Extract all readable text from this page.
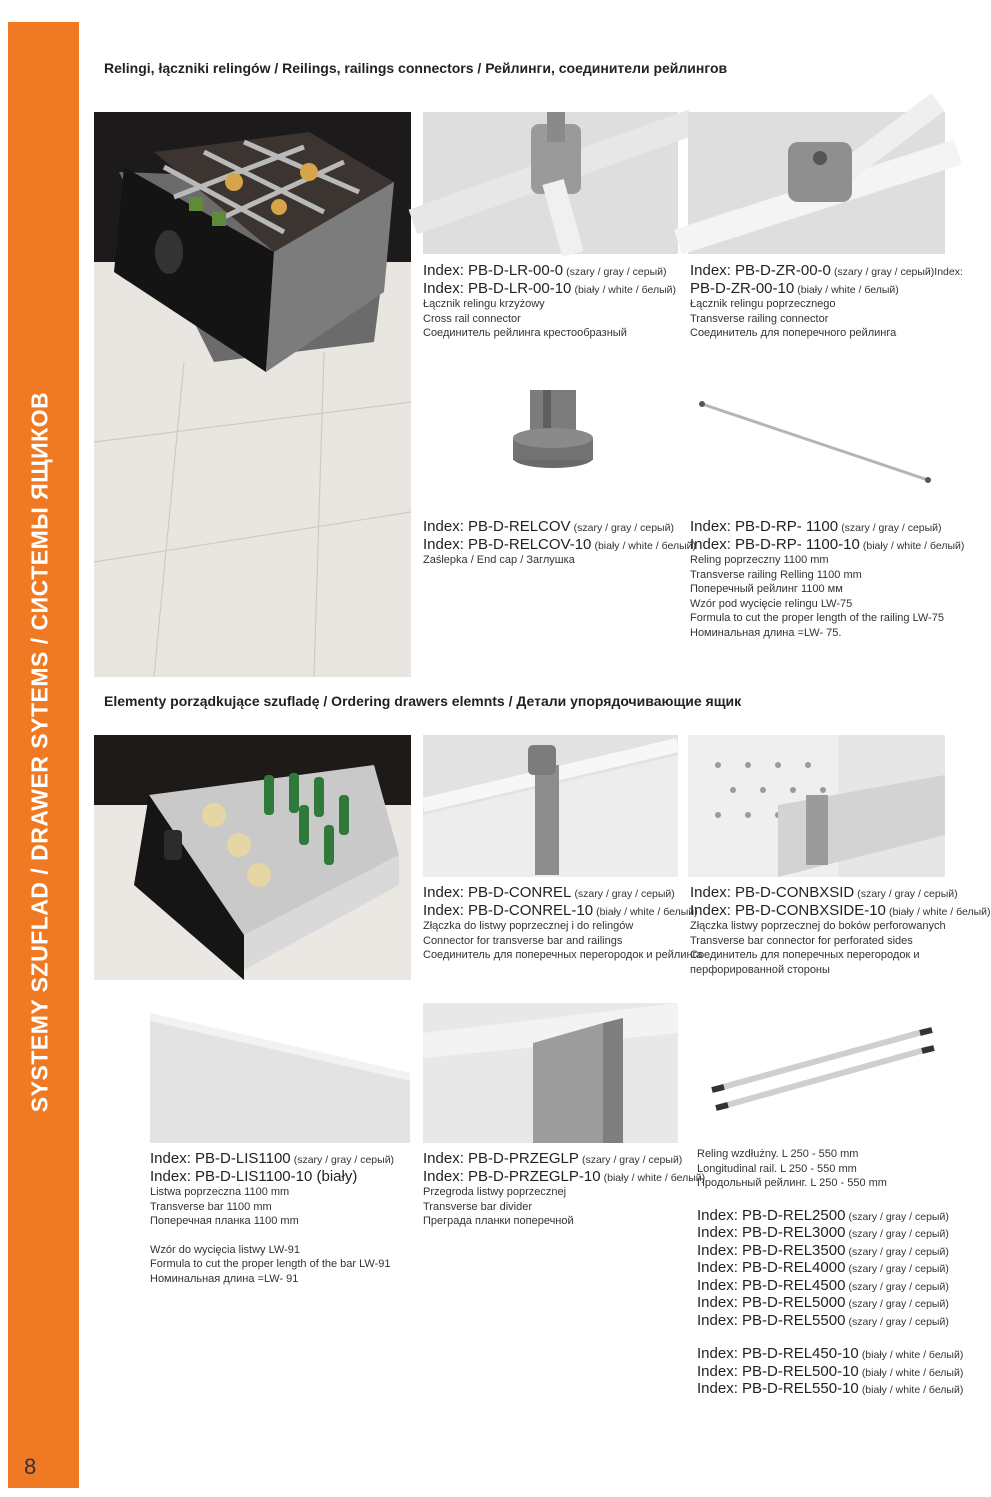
SYSTEMY SZUFLAD / DRAWER SYTEMS / СИСТЕМЫ ЯЩИКОВ
8
Relingi, łączniki relingów / Reilings, railings connectors / Рейлинги, соединители рейлингов
Elementy porządkujące szufladę / Ordering drawers elemnts / Детали упорядочивающие ящик
Index: PB-D-LR-00-0 (szary / gray / серый)
Index: PB-D-LR-00-10 (biały / white / белый)
Łącznik relingu krzyżowy
Cross rail connector
Соединитель рейлинга крестообразный
Index: PB-D-ZR-00-0 (szary / gray / серый)Index:
PB-D-ZR-00-10 (biały / white / белый)
Łącznik relingu poprzecznego
Transverse railing connector
Соединитель для поперечного рейлинга
Index: PB-D-RELCOV (szary / gray / серый)
Index: PB-D-RELCOV-10 (biały / white / белый)
Zaślepka / End cap / Заглушка
Index: PB-D-RP- 1100 (szary / gray / серый)
Index: PB-D-RP- 1100-10 (biały / white / белый)
Reling poprzeczny 1100 mm
Transverse railing Relling 1100 mm
Поперечный рейлинг 1100 мм
Wzór pod wycięcie relingu LW-75
Formula to cut the proper length of the railing LW-75
Номинальная длина =LW- 75.
Index: PB-D-CONREL (szary / gray / серый)
Index: PB-D-CONREL-10 (biały / white / белый)
Złączka do listwy poprzecznej i do relingów
Connector for transverse bar and railings
Соединитель для поперечных перегородок и рейлинга
Index: PB-D-CONBXSID (szary / gray / серый)
Index: PB-D-CONBXSIDE-10 (biały / white / белый)
Złączka listwy poprzecznej do boków perforowanych
Transverse bar connector for perforated sides
Соединитель для поперечных перегородок и
перфорированной стороны
Index: PB-D-LIS1100 (szary / gray / серый)
Index: PB-D-LIS1100-10 (biały)
Listwa poprzeczna 1100 mm
Transverse bar 1100 mm
Поперечная планка 1100 mm
Wzór do wycięcia listwy LW-91
Formula to cut the proper length of the bar LW-91
Номинальная длина =LW- 91
Index: PB-D-PRZEGLP (szary / gray / серый)
Index: PB-D-PRZEGLP-10 (biały / white / белый)
Przegroda listwy poprzecznej
Transverse bar divider
Преграда планки поперечной
Reling wzdłużny. L 250 - 550 mm
Longitudinal rail. L 250 - 550 mm
Продольный рейлинг. L 250 - 550 mm
Index: PB-D-REL2500 (szary / gray / серый)
Index: PB-D-REL3000 (szary / gray / серый)
Index: PB-D-REL3500 (szary / gray / серый)
Index: PB-D-REL4000 (szary / gray / серый)
Index: PB-D-REL4500 (szary / gray / серый)
Index: PB-D-REL5000 (szary / gray / серый)
Index: PB-D-REL5500 (szary / gray / серый)
Index: PB-D-REL450-10 (biały / white / белый)
Index: PB-D-REL500-10 (biały / white / белый)
Index: PB-D-REL550-10 (biały / white / белый)
